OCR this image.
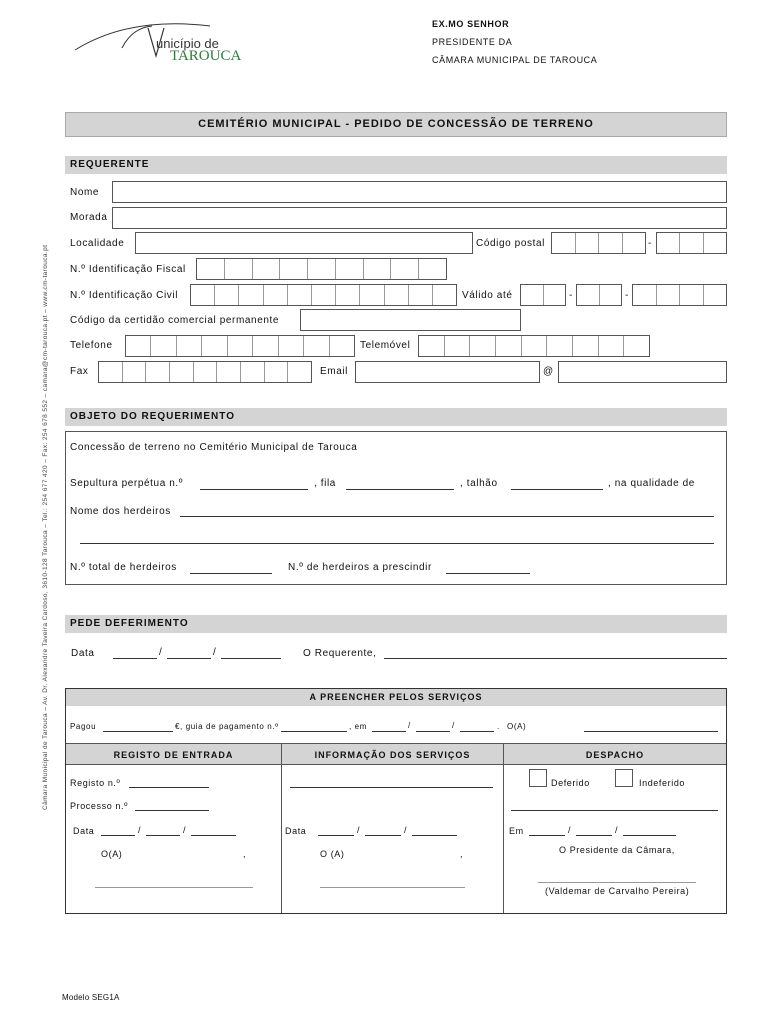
unicípio de
TAROUCA
EX.MO SENHOR
PRESIDENTE DA
CÂMARA MUNICIPAL DE TAROUCA
CEMITÉRIO MUNICIPAL - PEDIDO DE CONCESSÃO DE TERRENO
Câmara Municipal de Tarouca – Av. Dr. Alexandre Taveira Cardoso, 3610-128 Tarouca – Tel.: 254 677 420 – Fax: 254 678 552 – camara@cm-tarouca.pt – www.cm-tarouca.pt
REQUERENTE
Nome
Morada
Localidade	Código postal	-
N.º Identificação Fiscal
N.º Identificação Civil	Válido até	-	-
Código da certidão comercial permanente
Telefone	Telemóvel
Fax	Email	@
OBJETO DO REQUERIMENTO
Concessão de terreno no Cemitério Municipal de Tarouca
Sepultura perpétua n.º	, fila	, talhão	, na qualidade de
Nome dos herdeiros
N.º total de herdeiros	N.º de herdeiros a prescindir
PEDE DEFERIMENTO
Data	/	/	O Requerente,
A PREENCHER PELOS SERVIÇOS
Pagou	€, guia de pagamento n.º	, em	/	/	. O(A)
REGISTO DE ENTRADA	INFORMAÇÃO DOS SERVIÇOS	DESPACHO
Registo n.º
Processo n.º
Data	/	/
O(A)	,
Data	/	/
O (A)	,
Deferido	Indeferido
Em	/	/
O Presidente da Câmara,
(Valdemar de Carvalho Pereira)
Modelo SEG1A
